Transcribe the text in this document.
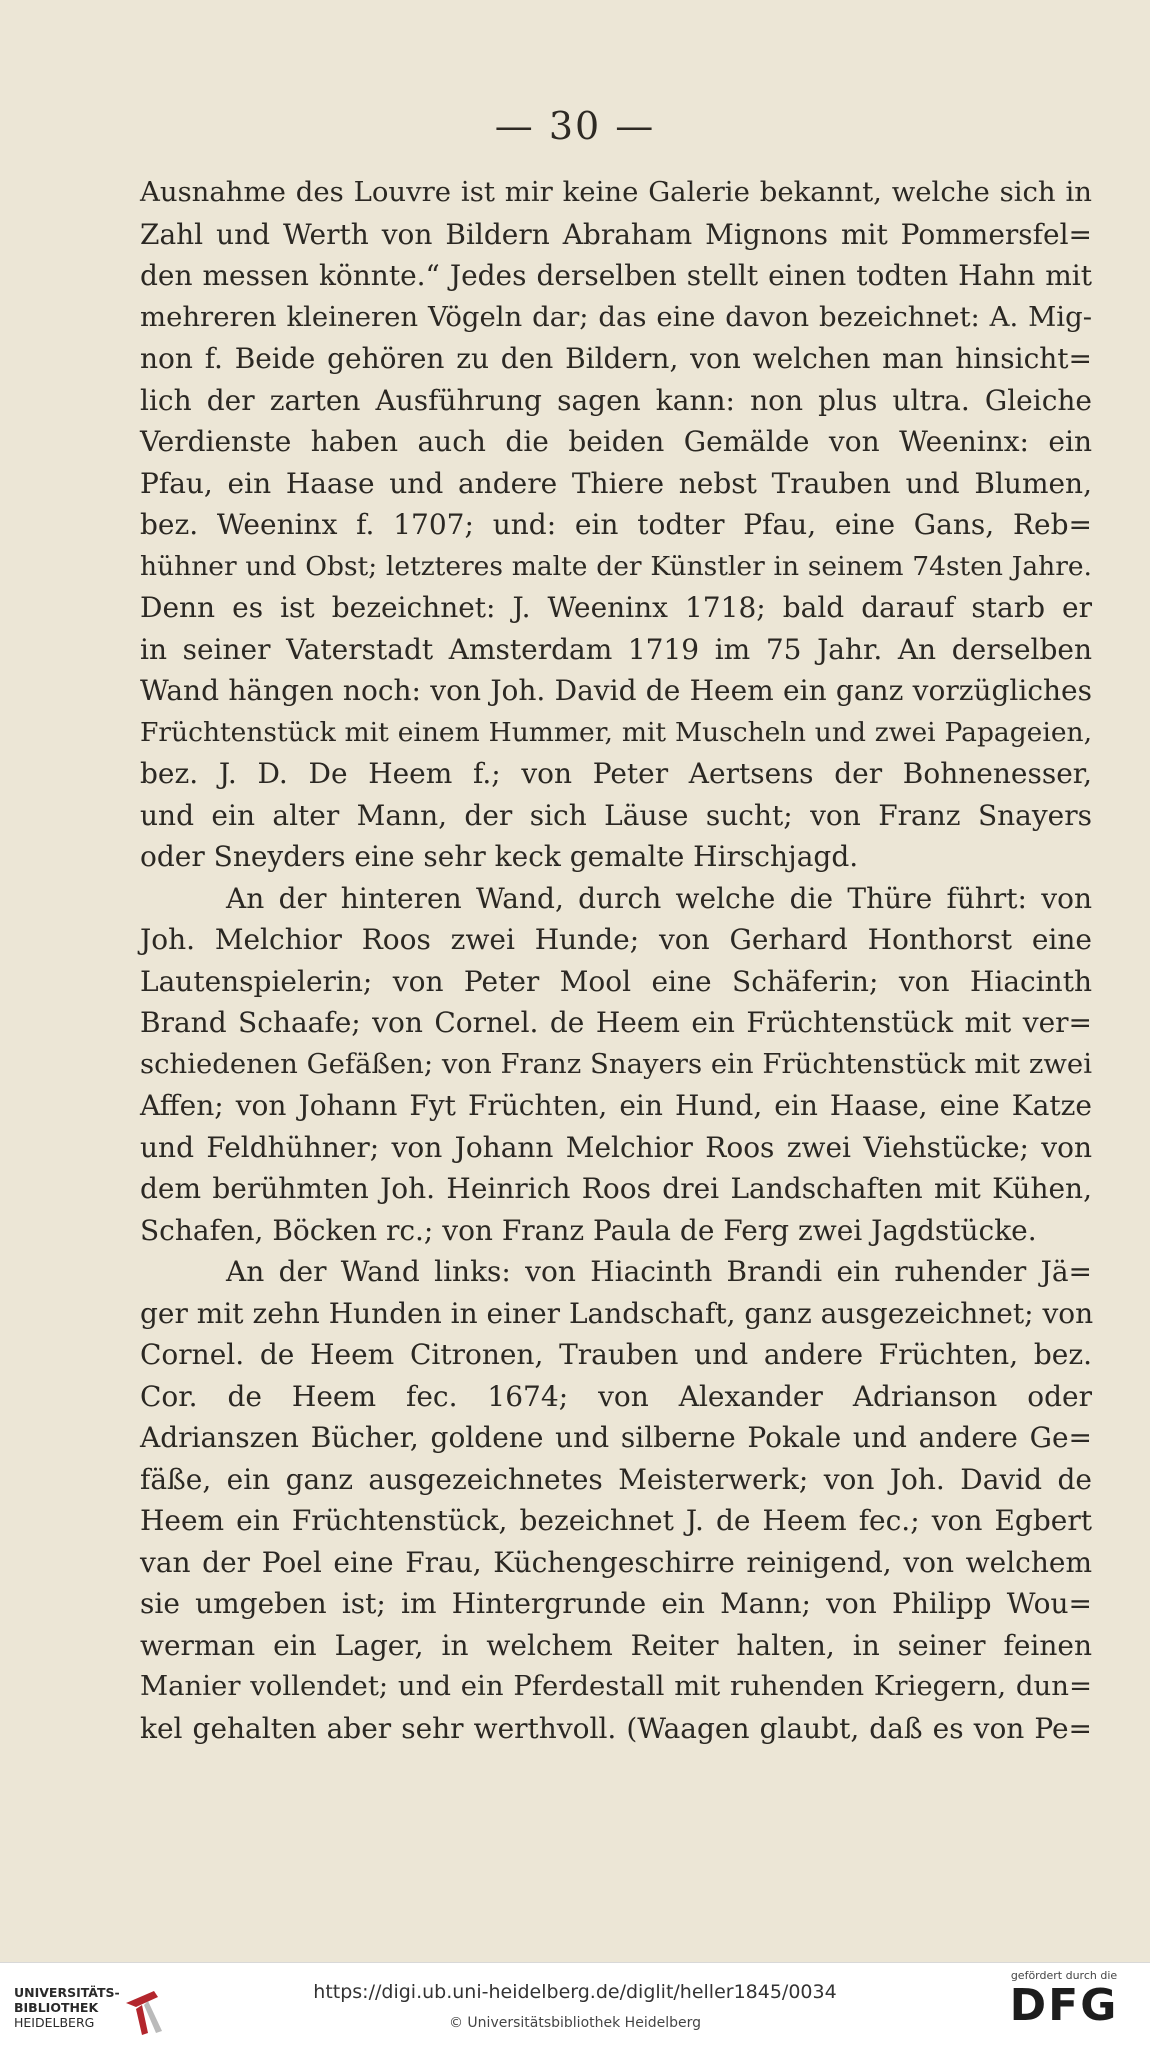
— 30 —
Ausnahme des Louvre ist mir keine Galerie bekannt, welche sich in
Zahl und Werth von Bildern Abraham Mignons mit Pommersfel=
den messen könnte.“ Jedes derselben stellt einen todten Hahn mit
mehreren kleineren Vögeln dar; das eine davon bezeichnet: A. Mig-
non f. Beide gehören zu den Bildern, von welchen man hinsicht=
lich der zarten Ausführung sagen kann: non plus ultra. Gleiche
Verdienste haben auch die beiden Gemälde von Weeninx: ein
Pfau, ein Haase und andere Thiere nebst Trauben und Blumen,
bez. Weeninx f. 1707; und: ein todter Pfau, eine Gans, Reb=
hühner und Obst; letzteres malte der Künstler in seinem 74sten Jahre.
Denn es ist bezeichnet: J. Weeninx 1718; bald darauf starb er
in seiner Vaterstadt Amsterdam 1719 im 75 Jahr. An derselben
Wand hängen noch: von Joh. David de Heem ein ganz vorzügliches
Früchtenstück mit einem Hummer, mit Muscheln und zwei Papageien,
bez. J. D. De Heem f.; von Peter Aertsens der Bohnenesser,
und ein alter Mann, der sich Läuse sucht; von Franz Snayers
oder Sneyders eine sehr keck gemalte Hirschjagd.
An der hinteren Wand, durch welche die Thüre führt: von
Joh. Melchior Roos zwei Hunde; von Gerhard Honthorst eine
Lautenspielerin; von Peter Mool eine Schäferin; von Hiacinth
Brand Schaafe; von Cornel. de Heem ein Früchtenstück mit ver=
schiedenen Gefäßen; von Franz Snayers ein Früchtenstück mit zwei
Affen; von Johann Fyt Früchten, ein Hund, ein Haase, eine Katze
und Feldhühner; von Johann Melchior Roos zwei Viehstücke; von
dem berühmten Joh. Heinrich Roos drei Landschaften mit Kühen,
Schafen, Böcken rc.; von Franz Paula de Ferg zwei Jagdstücke.
An der Wand links: von Hiacinth Brandi ein ruhender Jä=
ger mit zehn Hunden in einer Landschaft, ganz ausgezeichnet; von
Cornel. de Heem Citronen, Trauben und andere Früchten, bez.
Cor. de Heem fec. 1674; von Alexander Adrianson oder
Adrianszen Bücher, goldene und silberne Pokale und andere Ge=
fäße, ein ganz ausgezeichnetes Meisterwerk; von Joh. David de
Heem ein Früchtenstück, bezeichnet J. de Heem fec.; von Egbert
van der Poel eine Frau, Küchengeschirre reinigend, von welchem
sie umgeben ist; im Hintergrunde ein Mann; von Philipp Wou=
werman ein Lager, in welchem Reiter halten, in seiner feinen
Manier vollendet; und ein Pferdestall mit ruhenden Kriegern, dun=
kel gehalten aber sehr werthvoll. (Waagen glaubt, daß es von Pe=
UNIVERSITÄTS-
BIBLIOTHEK
HEIDELBERG
https://digi.ub.uni-heidelberg.de/diglit/heller1845/0034
© Universitätsbibliothek Heidelberg
gefördert durch die
DFG
